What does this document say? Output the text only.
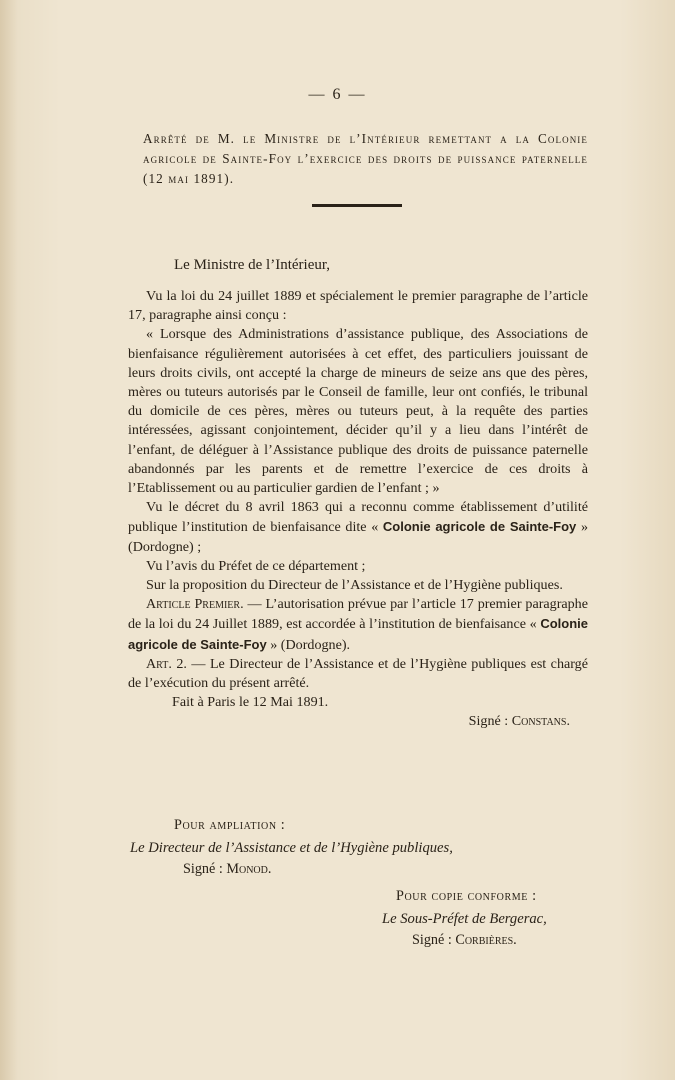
— 6 —
Arrêté de M. le Ministre de l’Intérieur remettant a la Colonie agricole de Sainte-Foy l’exercice des droits de puissance paternelle (12 mai 1891).
Le Ministre de l’Intérieur,

Vu la loi du 24 juillet 1889 et spécialement le premier paragraphe de l’article 17, paragraphe ainsi conçu :

« Lorsque des Administrations d’assistance publique, des Associations de bienfaisance régulièrement autorisées à cet effet, des particuliers jouissant de leurs droits civils, ont accepté la charge de mineurs de seize ans que des pères, mères ou tuteurs autorisés par le Conseil de famille, leur ont confiés, le tribunal du domicile de ces pères, mères ou tuteurs peut, à la requête des parties intéressées, agissant conjointement, décider qu’il y a lieu dans l’intérêt de l’enfant, de déléguer à l’Assistance publique des droits de puissance paternelle abandonnés par les parents et de remettre l’exercice de ces droits à l’Etablissement ou au particulier gardien de l’enfant ; »

Vu le décret du 8 avril 1863 qui a reconnu comme établissement d’utilité publique l’institution de bienfaisance dite « Colonie agricole de Sainte-Foy » (Dordogne) ;

Vu l’avis du Préfet de ce département ;

Sur la proposition du Directeur de l’Assistance et de l’Hygiène publiques.

Article Premier. — L’autorisation prévue par l’article 17 premier paragraphe de la loi du 24 Juillet 1889, est accordée à l’institution de bienfaisance « Colonie agricole de Sainte-Foy » (Dordogne).

Art. 2. — Le Directeur de l’Assistance et de l’Hygiène publiques est chargé de l’exécution du présent arrêté.

Fait à Paris le 12 Mai 1891.

Signé : Constans.

Pour ampliation :
Le Directeur de l’Assistance et de l’Hygiène publiques,
Signé : Monod.
Pour copie conforme :
Le Sous-Préfet de Bergerac,
Signé : Corbières.
